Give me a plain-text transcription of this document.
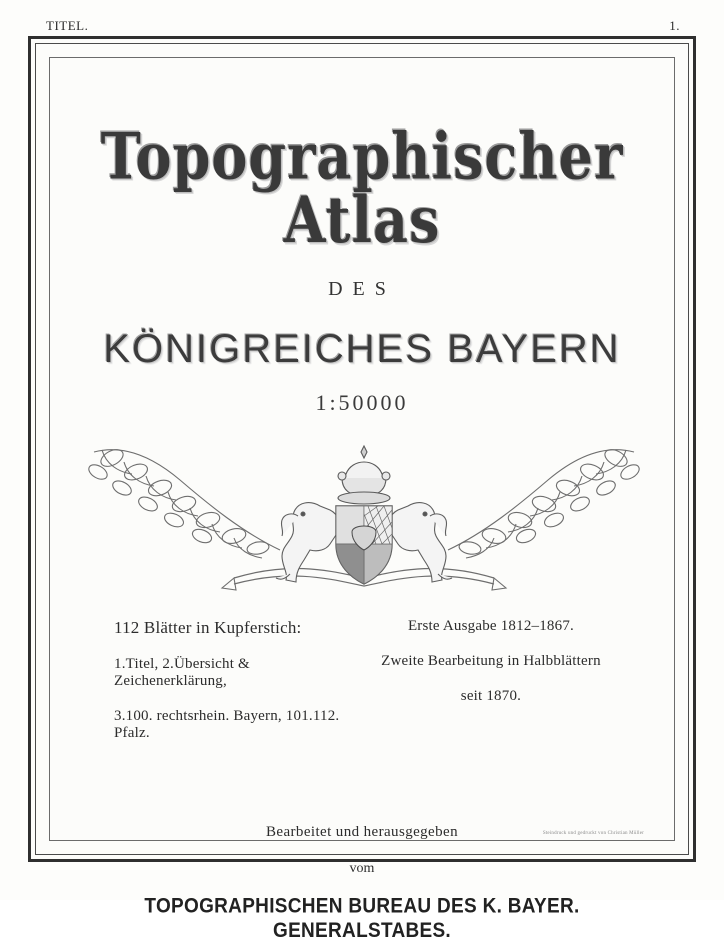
TITEL.	1.
Topographischer Atlas
DES
KÖNIGREICHES BAYERN
1:50000

112 Blätter in Kupferstich:

1.Titel, 2.Übersicht & Zeichenerklärung,

3.100. rechtsrhein. Bayern, 101.112. Pfalz.

Erste Ausgabe 1812–1867.

Zweite Bearbeitung in Halbblättern

seit 1870.

Bearbeitet und herausgegeben
vom
TOPOGRAPHISCHEN BUREAU DES K. BAYER. GENERALSTABES.
Steindruck und gedruckt von Christian Müller
